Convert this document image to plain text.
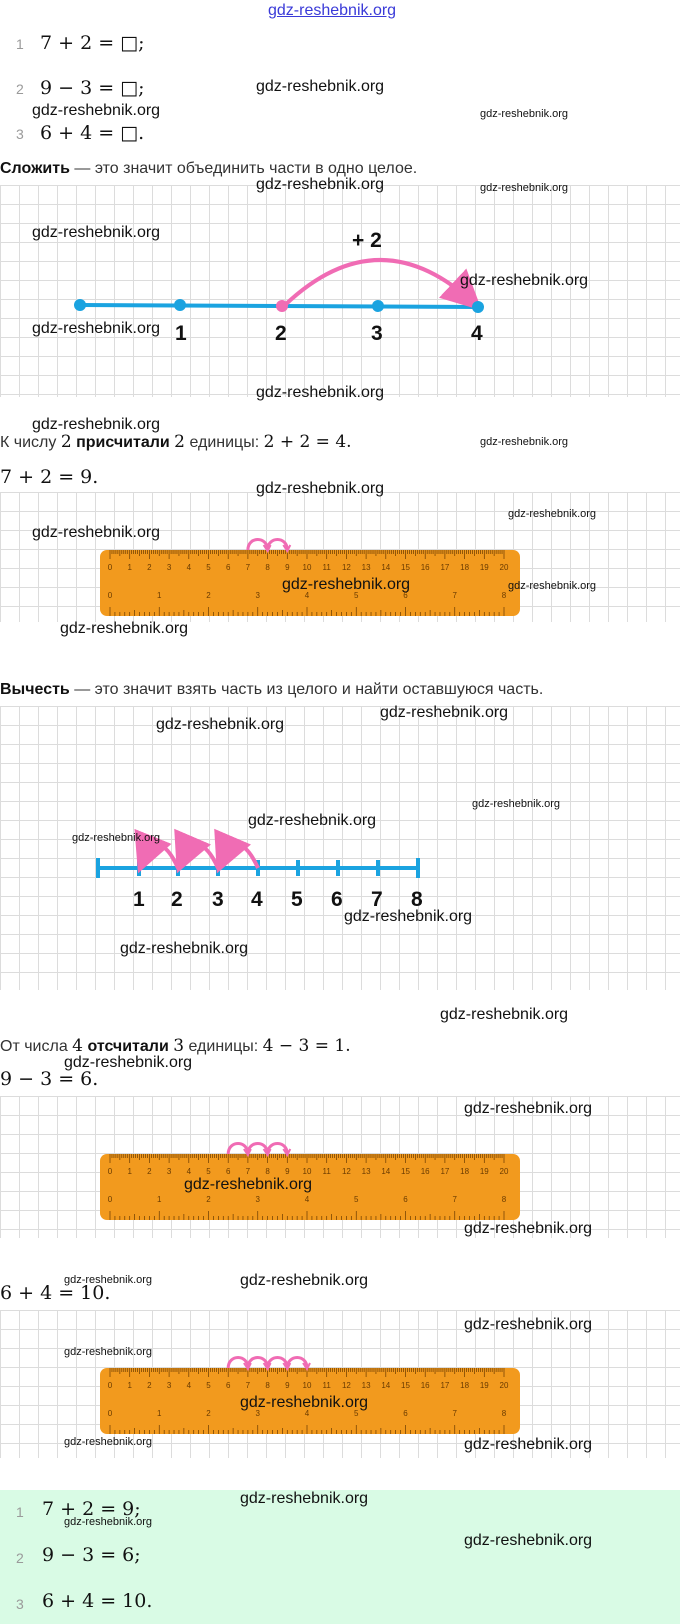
gdz-reshebnik.org
1 7 + 2 = □;
2 9 − 3 = □;
3 6 + 4 = □.
Сложить — это значит объединить части в одно целое.
+ 2
1	2	3	4
К числу 2 присчитали 2 единицы: 2 + 2 = 4.
7 + 2 = 9.
0 1 2 3 4 5 6 7 8 9 10 11 12 13 14 15 16 17 18 19 20
0	1	2	3	4	5	6	7	8
Вычесть — это значит взять часть из целого и найти оставшуюся часть.
1 2 3 4 5 6 7 8
От числа 4 отсчитали 3 единицы: 4 − 3 = 1.
9 − 3 = 6.
0 1 2 3 4 5 6 7 8 9 10 11 12 13 14 15 16 17 18 19 20
0	1	2	3	4	5	6	7	8
6 + 4 = 10.
0 1 2 3 4 5 6 7 8 9 10 11 12 13 14 15 16 17 18 19 20
0	1	2	3	4	5	6	7	8
1 7 + 2 = 9;
2 9 − 3 = 6;
3 6 + 4 = 10.
gdz-reshebnik.org
gdz-reshebnik.org	gdz-reshebnik.org
gdz-reshebnik.org	gdz-reshebnik.org
gdz-reshebnik.org
gdz-reshebnik.org
gdz-reshebnik.org
gdz-reshebnik.org
gdz-reshebnik.org
gdz-reshebnik.org
gdz-reshebnik.org
gdz-reshebnik.org
gdz-reshebnik.org
gdz-reshebnik.org	gdz-reshebnik.org
gdz-reshebnik.org
gdz-reshebnik.org
gdz-reshebnik.org
gdz-reshebnik.org
gdz-reshebnik.org
gdz-reshebnik.org
gdz-reshebnik.org
gdz-reshebnik.org
gdz-reshebnik.org
gdz-reshebnik.org
gdz-reshebnik.org
gdz-reshebnik.org
gdz-reshebnik.org
gdz-reshebnik.org	gdz-reshebnik.org
gdz-reshebnik.org
gdz-reshebnik.org
gdz-reshebnik.org
gdz-reshebnik.org	gdz-reshebnik.org
gdz-reshebnik.org
gdz-reshebnik.org
gdz-reshebnik.org
